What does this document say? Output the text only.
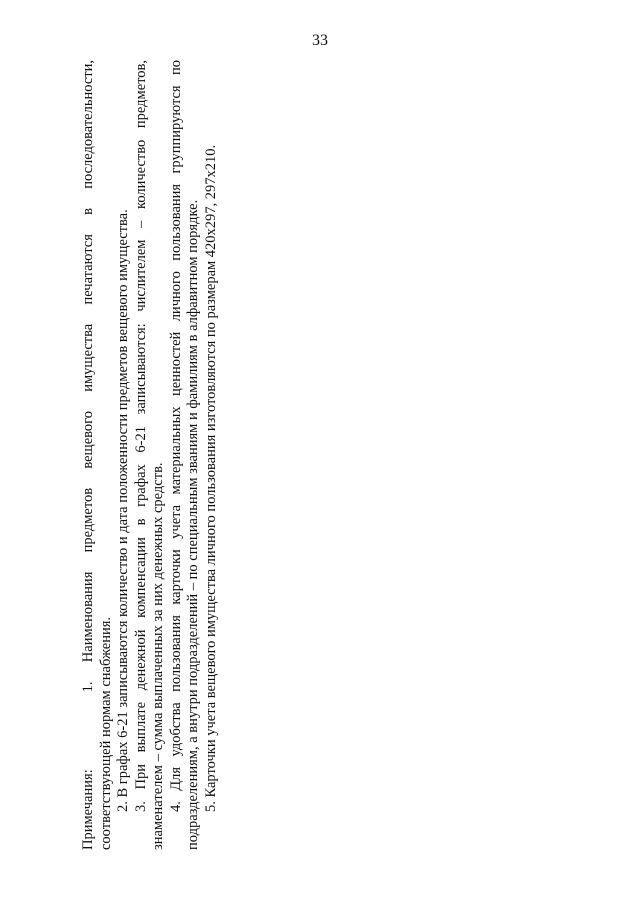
33

Примечания:    1. Наименования предметов вещевого имущества печатаются в последовательности,

соответствующей нормам снабжения. 2. В графах 6-21 записываются количество и дата положенности предметов вещевого имущества. 3. При выплате денежной компенсации в графах 6-21 записываются: числителем – количество предметов, знаменателем – сумма выплаченных за них денежных средств. 4. Для удобства пользования карточки учета материальных ценностей личного пользования группируются по подразделениям, а внутри подразделений – по специальным званиям и фамилиям в алфавитном порядке. 5. Карточки учета вещевого имущества личного пользования изготовляются по размерам 420x297, 297x210.
